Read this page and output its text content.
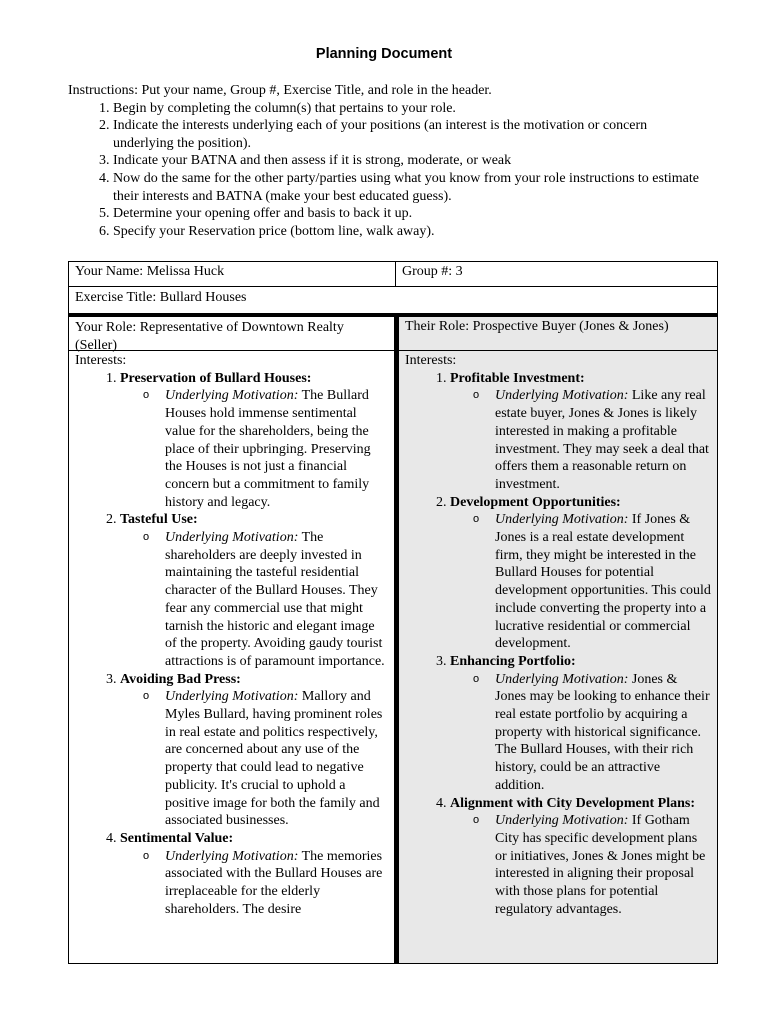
Planning Document
Instructions: Put your name, Group #, Exercise Title, and role in the header.
1. Begin by completing the column(s) that pertains to your role.
2. Indicate the interests underlying each of your positions (an interest is the motivation or concern underlying the position).
3. Indicate your BATNA and then assess if it is strong, moderate, or weak
4. Now do the same for the other party/parties using what you know from your role instructions to estimate their interests and BATNA (make your best educated guess).
5. Determine your opening offer and basis to back it up.
6. Specify your Reservation price (bottom line, walk away).
Your Name: Melissa Huck	Group #: 3
Exercise Title: Bullard Houses
Your Role: Representative of Downtown Realty (Seller)
Interests:
1. Preservation of Bullard Houses:
o Underlying Motivation: The Bullard Houses hold immense sentimental value for the shareholders, being the place of their upbringing. Preserving the Houses is not just a financial concern but a commitment to family history and legacy.
2. Tasteful Use:
o Underlying Motivation: The shareholders are deeply invested in maintaining the tasteful residential character of the Bullard Houses. They fear any commercial use that might tarnish the historic and elegant image of the property. Avoiding gaudy tourist attractions is of paramount importance.
3. Avoiding Bad Press:
o Underlying Motivation: Mallory and Myles Bullard, having prominent roles in real estate and politics respectively, are concerned about any use of the property that could lead to negative publicity. It's crucial to uphold a positive image for both the family and associated businesses.
4. Sentimental Value:
o Underlying Motivation: The memories associated with the Bullard Houses are irreplaceable for the elderly shareholders. The desire
Their Role: Prospective Buyer (Jones & Jones)
Interests:
1. Profitable Investment:
o Underlying Motivation: Like any real estate buyer, Jones & Jones is likely interested in making a profitable investment. They may seek a deal that offers them a reasonable return on investment.
2. Development Opportunities:
o Underlying Motivation: If Jones & Jones is a real estate development firm, they might be interested in the Bullard Houses for potential development opportunities. This could include converting the property into a lucrative residential or commercial development.
3. Enhancing Portfolio:
o Underlying Motivation: Jones & Jones may be looking to enhance their real estate portfolio by acquiring a property with historical significance. The Bullard Houses, with their rich history, could be an attractive addition.
4. Alignment with City Development Plans:
o Underlying Motivation: If Gotham City has specific development plans or initiatives, Jones & Jones might be interested in aligning their proposal with those plans for potential regulatory advantages.
